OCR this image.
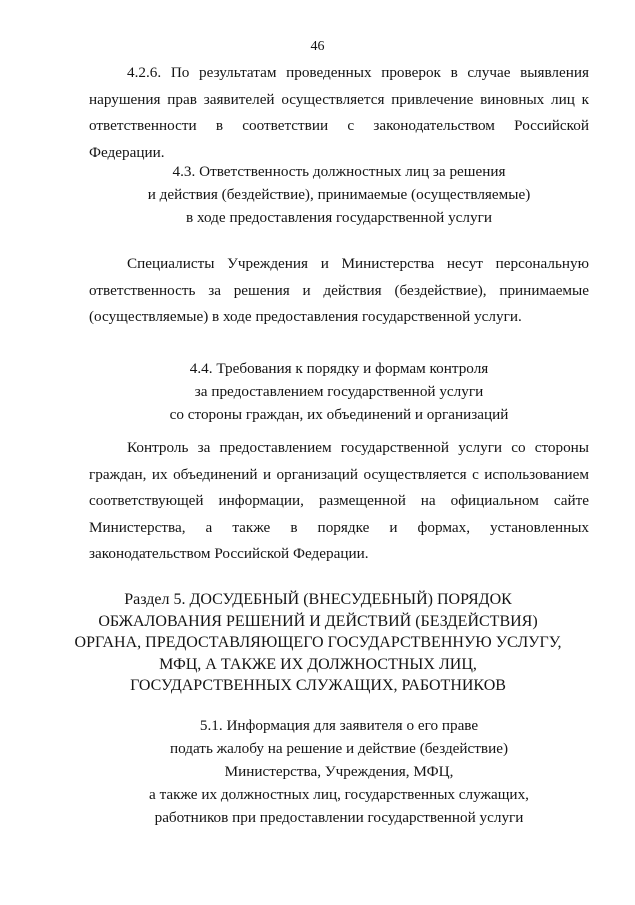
46

4.2.6. По результатам проведенных проверок в случае выявления нарушения прав заявителей осуществляется привлечение виновных лиц к ответственности в соответствии с законодательством Российской Федерации.

4.3. Ответственность должностных лиц за решения
и действия (бездействие), принимаемые (осуществляемые)
в ходе предоставления государственной услуги

Специалисты Учреждения и Министерства несут персональную ответственность за решения и действия (бездействие), принимаемые (осуществляемые) в ходе предоставления государственной услуги.

4.4. Требования к порядку и формам контроля
за предоставлением государственной услуги
со стороны граждан, их объединений и организаций

Контроль за предоставлением государственной услуги со стороны граждан, их объединений и организаций осуществляется с использованием соответствующей информации, размещенной на официальном сайте Министерства, а также в порядке и формах, установленных законодательством Российской Федерации.

Раздел 5. ДОСУДЕБНЫЙ (ВНЕСУДЕБНЫЙ) ПОРЯДОК
ОБЖАЛОВАНИЯ РЕШЕНИЙ И ДЕЙСТВИЙ (БЕЗДЕЙСТВИЯ)
ОРГАНА, ПРЕДОСТАВЛЯЮЩЕГО ГОСУДАРСТВЕННУЮ УСЛУГУ,
МФЦ, А ТАКЖЕ ИХ ДОЛЖНОСТНЫХ ЛИЦ,
ГОСУДАРСТВЕННЫХ СЛУЖАЩИХ, РАБОТНИКОВ
5.1. Информация для заявителя о его праве
подать жалобу на решение и действие (бездействие)
Министерства, Учреждения, МФЦ,
а также их должностных лиц, государственных служащих,
работников при предоставлении государственной услуги
